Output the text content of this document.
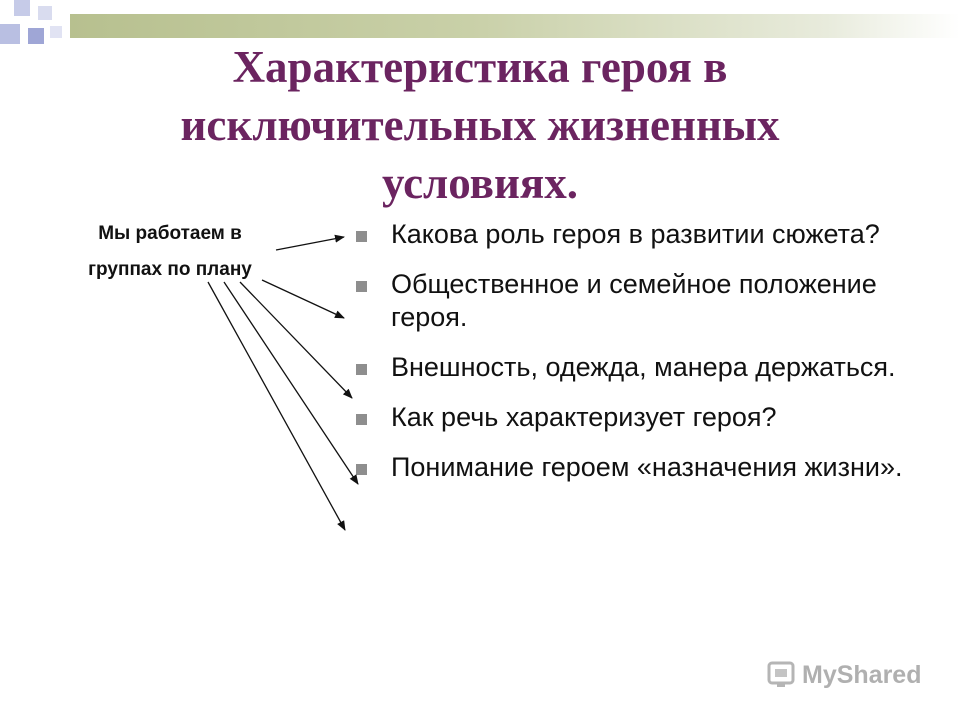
Характеристика героя в
исключительных жизненных
условиях.
Мы работаем в
группах по плану
Какова роль героя в развитии сюжета?
Общественное и семейное положение героя.
Внешность, одежда, манера держаться.
Как речь характеризует героя?
Понимание героем «назначения жизни».
MyShared
